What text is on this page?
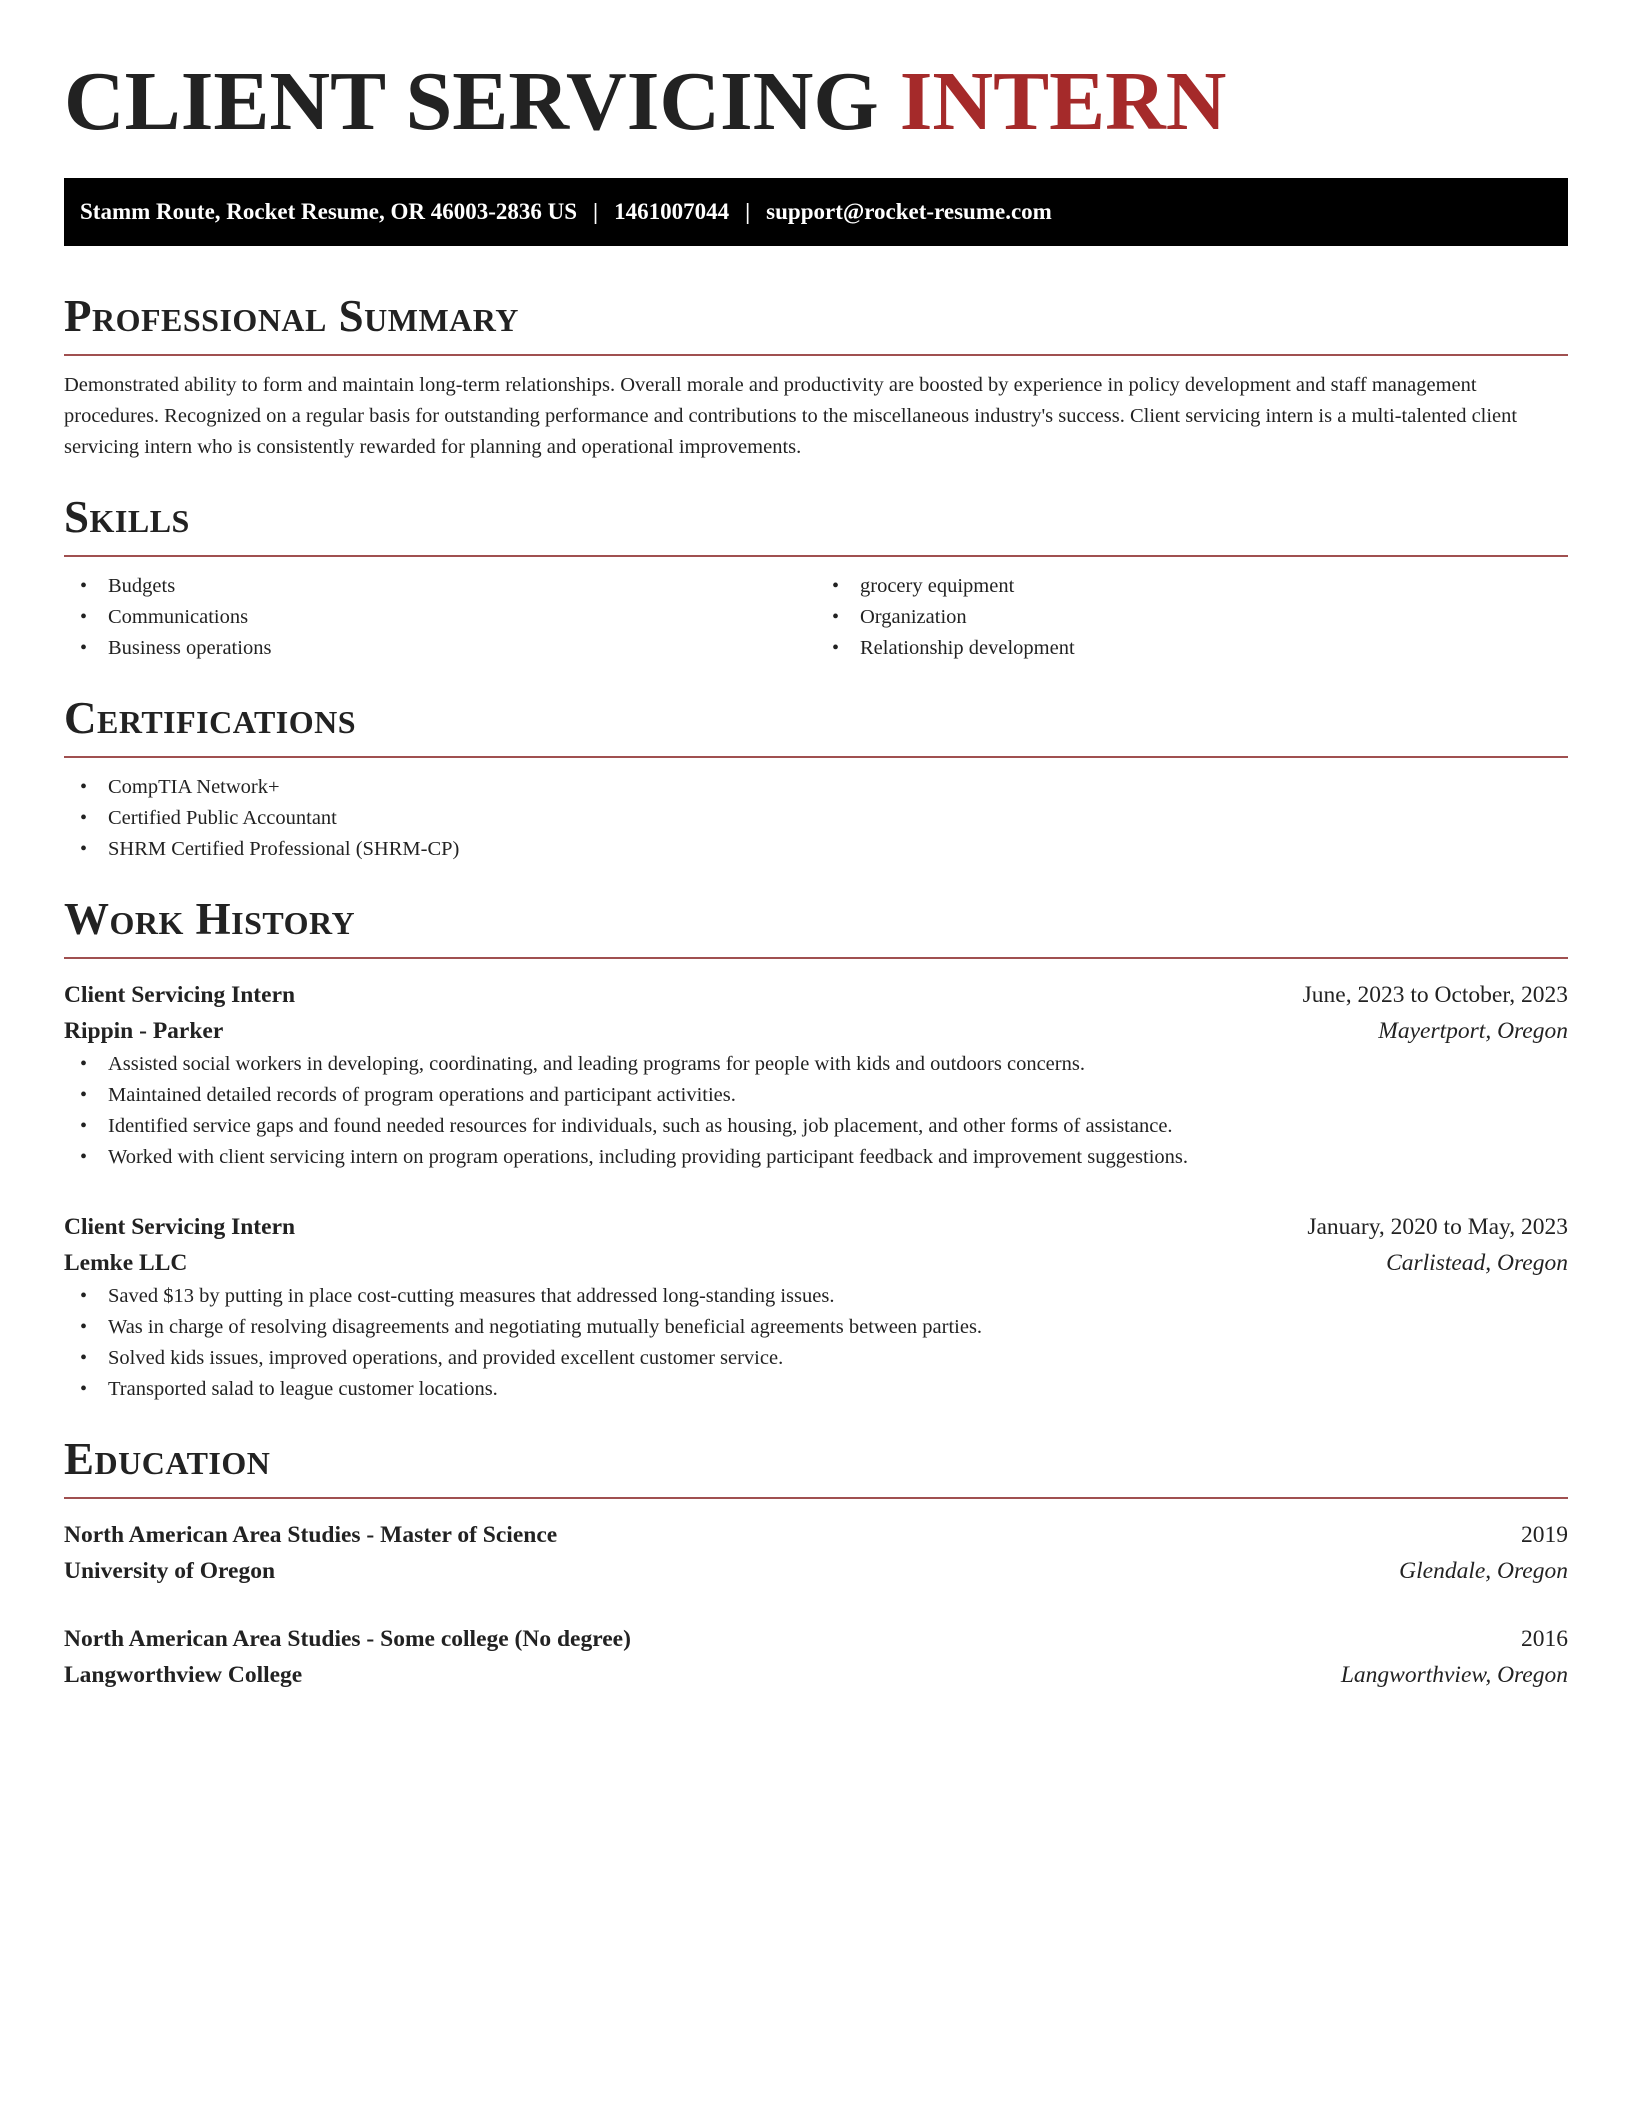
CLIENT SERVICING INTERN
Stamm Route, Rocket Resume, OR 46003-2836 US | 1461007044 | support@rocket-resume.com
Professional Summary

Demonstrated ability to form and maintain long-term relationships. Overall morale and productivity are boosted by experience in policy development and staff management procedures. Recognized on a regular basis for outstanding performance and contributions to the miscellaneous industry's success. Client servicing intern is a multi-talented client servicing intern who is consistently rewarded for planning and operational improvements.

Skills
• Budgets
• Communications
• Business operations
• grocery equipment
• Organization
• Relationship development
Certifications
• CompTIA Network+
• Certified Public Accountant
• SHRM Certified Professional (SHRM-CP)
Work History
Client Servicing Intern	June, 2023 to October, 2023
Rippin - Parker	Mayertport, Oregon
• Assisted social workers in developing, coordinating, and leading programs for people with kids and outdoors concerns.
• Maintained detailed records of program operations and participant activities.
• Identified service gaps and found needed resources for individuals, such as housing, job placement, and other forms of assistance.
• Worked with client servicing intern on program operations, including providing participant feedback and improvement suggestions.
Client Servicing Intern	January, 2020 to May, 2023
Lemke LLC	Carlistead, Oregon
• Saved $13 by putting in place cost-cutting measures that addressed long-standing issues.
• Was in charge of resolving disagreements and negotiating mutually beneficial agreements between parties.
• Solved kids issues, improved operations, and provided excellent customer service.
• Transported salad to league customer locations.
Education
North American Area Studies - Master of Science	2019
University of Oregon	Glendale, Oregon
North American Area Studies - Some college (No degree)	2016
Langworthview College	Langworthview, Oregon
